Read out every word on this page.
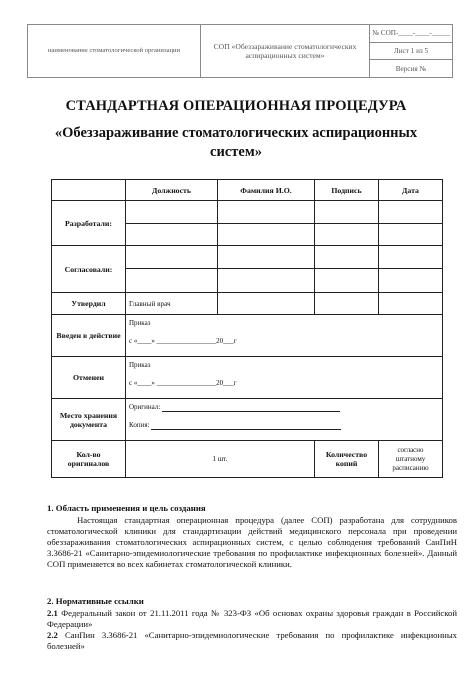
наименование стоматологической организации	СОП «Обеззараживание стоматологических аспирационных систем»
№ СОП-____-____-_____
Лист 1 из 5
Версия №
СТАНДАРТНАЯ ОПЕРАЦИОННАЯ ПРОЦЕДУРА
«Обеззараживание стоматологических аспирационных систем»
	Должность	Фамилия И.О.	Подпись	Дата
Разработали:				

Согласовали:				

Утвердил	Главный врач			
Введен в действие	Приказ
с «____» _________________20___г			

Отменен	Приказ
с «____» _________________20___г			

Место хранения документа	Оригинал:
Копия:			

Кол-во оригиналов	1 шт.		Количество копий	согласно штатному расписанию
1. Область применения и цель создания

Настоящая стандартная операционная процедура (далее СОП) разработана для сотрудников стоматологической клиники для стандартизации действий медицинского персонала при проведении обеззараживания стоматологических аспирационных систем, с целью соблюдения требований СанПиН 3.3686-21 «Санитарно-эпидемиологические требования по профилактике инфекционных болезней». Данный СОП применяется во всех кабинетах стоматологической клиники.

2. Нормативные ссылки

2.1 Федеральный закон от 21.11.2011 года № 323-ФЗ «Об основах охраны здоровья граждан в Российской Федерации»

2.2 СанПин 3.3686-21 «Санитарно-эпидемиологические требования по профилактике инфекционных болезней»
